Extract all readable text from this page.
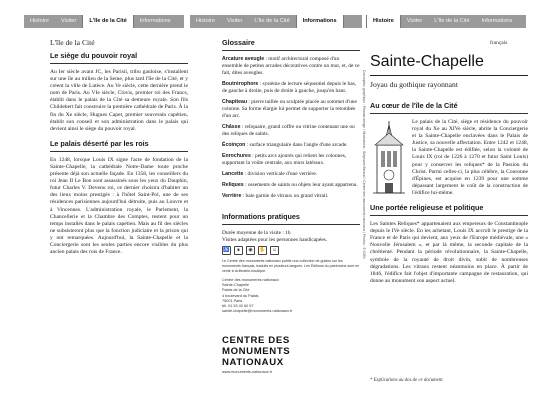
Histoire	Visiter	L'île de la Cité	Informations	Histoire	Visiter	L'île de la Cité	Informations	Histoire	Visiter	L'île de la Cité	Informations
L'île de la Cité
Le siège du pouvoir royal

Au Ier siècle avant JC, les Parisii, tribu gauloise, s'installent sur une île au milieu de la Seine, plus tard l'île de la Cité, et y créent la ville de Lutèce. Au Ve siècle, cette dernière prend le nom de Paris. Au VIe siècle, Clovis, premier roi des Francs, établit dans le palais de la Cité sa demeure royale. Son fils Childebert fait construire la première cathédrale de Paris. À la fin du Xe siècle, Hugues Capet, premier souverain capétien, établit son conseil et son administration dans le palais qui devient ainsi le siège du pouvoir royal.

Le palais déserté par les rois

En 1248, lorsque Louis IX signe l'acte de fondation de la Sainte-Chapelle, la cathédrale Notre-Dame toute proche présente déjà son actuelle façade. En 1358, les conseillers du roi Jean II Le Bon sont assassinés sous les yeux du Dauphin, futur Charles V. Devenu roi, ce dernier choisira d'habiter un des lieux moins prestigés : à l'hôtel Saint-Pol, une de ses résidences parisiennes aujourd'hui détruite, puis au Louvre et à Vincennes. L'administration royale, le Parlement, la Chancellerie et la Chambre des Comptes, restent pour un temps installés dans le palais capétien. Mais au fil des siècles ne subsisteront plus que la fonction judiciaire et la prison qui y ont remarquées. Aujourd'hui, la Sainte-Chapelle et la Conciergerie sont les seules parties encore visibles du plus ancien palais des rois de France.

Glossaire

Arcature aveugle : motif architectural composé d'un ensemble de petites arcades décoratives contre un mur, et, de ce fait, dites aveugles.

Boutrérophore : système de lecture séquentiel depuis le bas, de gauche à droite, puis de droite à gauche, jusqu'en haut.

Chapiteau : pierre taillée ou sculptée placée au sommet d'une colonne. Sa forme élargie lui permet de supporter la retombée d'un arc.

Châsse : reliquaire, grand coffre ou vitrine contenant une ou des reliques de saints.

Écoinçon : surface triangulaire dans l'angle d'une arcade.

Enrochures : petits arcs ajourés qui relient les colonnes, supportant la voûte centrale, aux murs latéraux.

Lancette : division verticale d'une verrière.

Reliques : ossements de saints ou objets leur ayant appartenu.

Verrière : baie garnie de vitraux ou grand vitrail.

Informations pratiques
Durée moyenne de la visite : 1h
Visites adaptées pour les personnes handicapées.
♿	∎	◉	✋	☺
Le Centre des monuments nationaux publie une collection de guides sur les monuments français, traduits en plusieurs langues. Les Éditions du patrimoine sont en vente à la librairie-boutique.
Centre des monuments nationaux
Sainte-Chapelle
Palais de la Cité
4 boulevard du Palais
75001 Paris
tél. 01 53 40 60 97
sainte-chapelle@monuments-nationaux.fr
CENTRE DES
MONUMENTS NATIONAUX
www.monuments-nationaux.fr
Conception graphique : Plasma design / Illustrations : Stéphane Beraud / Centre des monuments nationaux / Photos : © CMN
français
Sainte-Chapelle
Joyau du gothique rayonnant
Au cœur de l'île de la Cité

Le palais de la Cité, siège et résidence du pouvoir royal du Xe au XIVe siècle, abrite la Conciergerie et la Sainte-Chapelle enclavées dans le Palais de Justice, sa nouvelle affectation. Entre 1242 et 1248, la Sainte-Chapelle est édifiée, selon la volonté de Louis IX (roi de 1226 à 1270 et futur Saint Louis) pour y conserver les reliques* de la Passion du Christ. Parmi celles-ci, la plus célèbre, la Couronne d'Épines, est acquise en 1239 pour une somme dépassant largement le coût de la construction de l'édifice lui-même.

Une portée religieuse et politique

Les Saintes Reliques* appartenaient aux empereurs de Constantinople depuis le IVe siècle. En les achetant, Louis IX accroît le prestige de la France et de Paris qui devient, aux yeux de l'Europe médiévale, une « Nouvelle Jérusalem », et par là même, la seconde capitale de la chrétienté. Pendant la période révolutionnaire, la Sainte-Chapelle, symbole de la royauté de droit divin, subit de nombreuses dégradations. Les vitraux restent néanmoins en place. À partir de 1846, l'édifice fait l'objet d'importante campagne de restauration, qui donne au monument son aspect actuel.

* Explications au dos de ce document.
